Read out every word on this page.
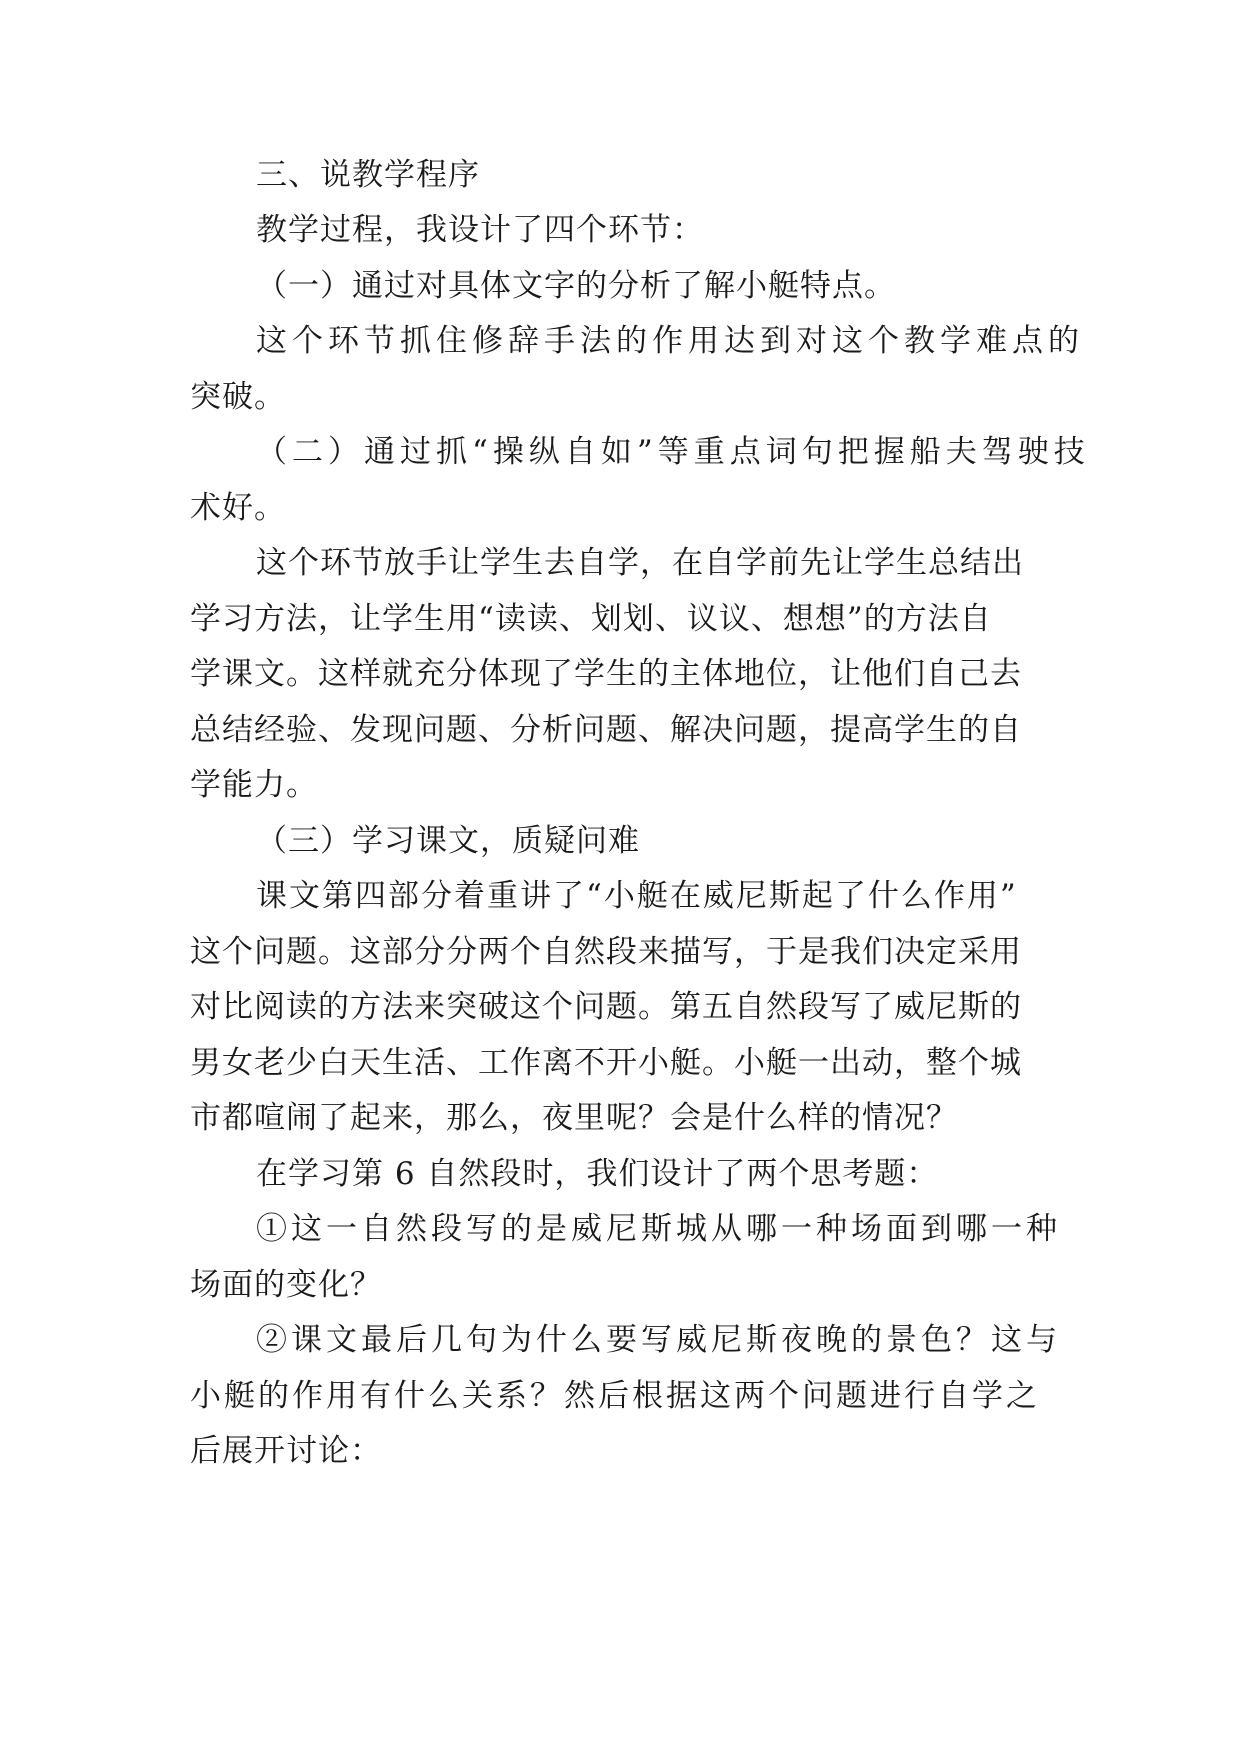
三、说教学程序
教学过程，我设计了四个环节：
（一）通过对具体文字的分析了解小艇特点。
这个环节抓住修辞手法的作用达到对这个教学难点的
突破。
（二）通过抓“操纵自如”等重点词句把握船夫驾驶技
术好。
这个环节放手让学生去自学，在自学前先让学生总结出
学习方法，让学生用“读读、划划、议议、想想”的方法自
学课文。这样就充分体现了学生的主体地位，让他们自己去
总结经验、发现问题、分析问题、解决问题，提高学生的自
学能力。
（三）学习课文，质疑问难
课文第四部分着重讲了“小艇在威尼斯起了什么作用”
这个问题。这部分分两个自然段来描写，于是我们决定采用
对比阅读的方法来突破这个问题。第五自然段写了威尼斯的
男女老少白天生活、工作离不开小艇。小艇一出动，整个城
市都喧闹了起来，那么，夜里呢？会是什么样的情况？
在学习第 6 自然段时，我们设计了两个思考题：
①这一自然段写的是威尼斯城从哪一种场面到哪一种
场面的变化？
②课文最后几句为什么要写威尼斯夜晚的景色？这与
小艇的作用有什么关系？然后根据这两个问题进行自学之
后展开讨论：
